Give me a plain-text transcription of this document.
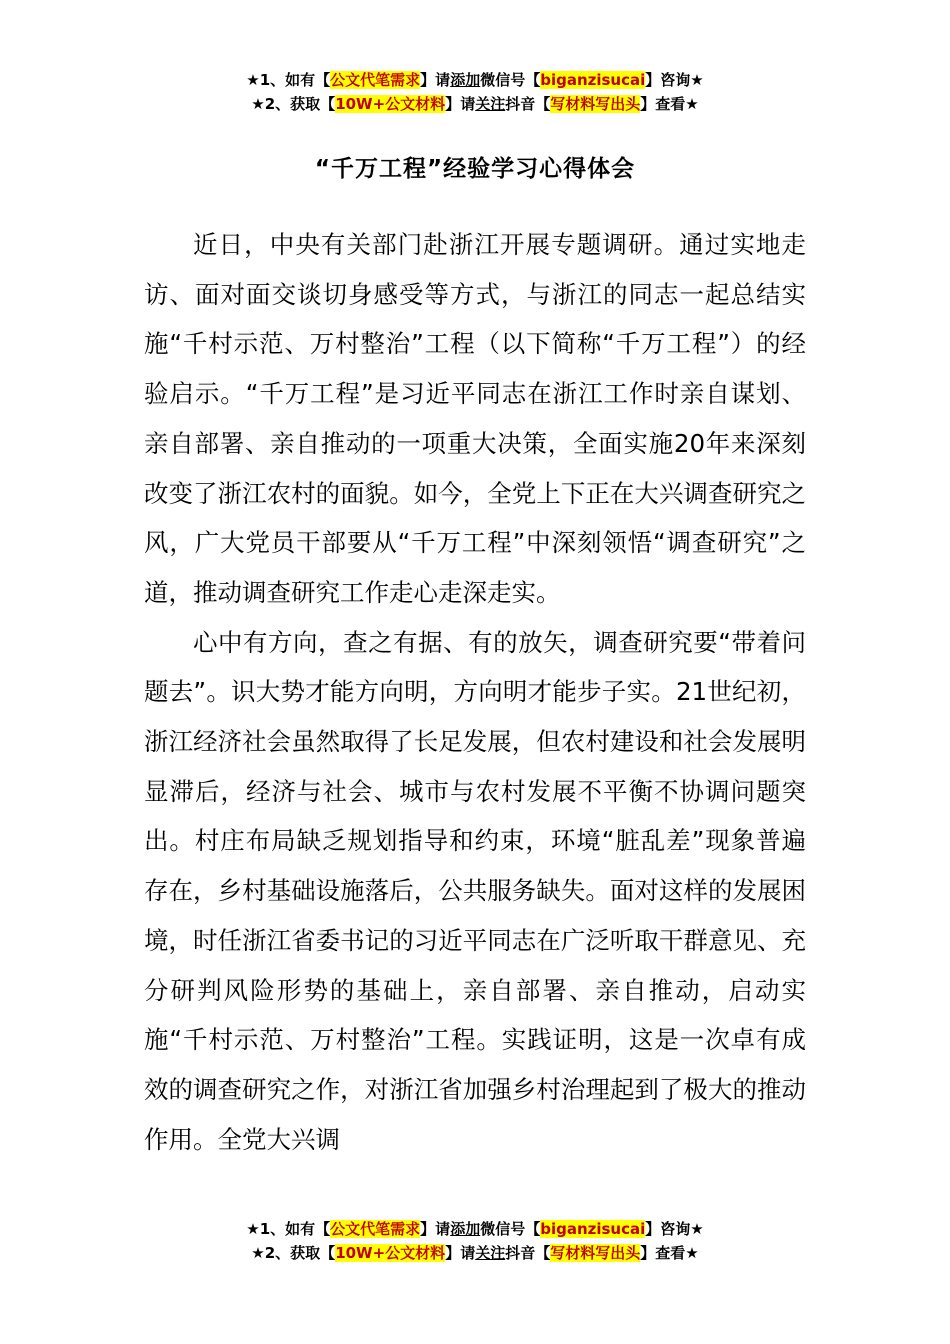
★1、如有【公文代笔需求】请添加微信号【biganzisucai】咨询★
★2、获取【10W+公文材料】请关注抖音【写材料写出头】查看★
“千万工程”经验学习心得体会

近日，中央有关部门赴浙江开展专题调研。通过实地走访、面对面交谈切身感受等方式，与浙江的同志一起总结实施“千村示范、万村整治”工程（以下简称“千万工程”）的经验启示。“千万工程”是习近平同志在浙江工作时亲自谋划、亲自部署、亲自推动的一项重大决策，全面实施20年来深刻改变了浙江农村的面貌。如今，全党上下正在大兴调查研究之风，广大党员干部要从“千万工程”中深刻领悟“调查研究”之道，推动调查研究工作走心走深走实。

心中有方向，查之有据、有的放矢，调查研究要“带着问题去”。识大势才能方向明，方向明才能步子实。21世纪初，浙江经济社会虽然取得了长足发展，但农村建设和社会发展明显滞后，经济与社会、城市与农村发展不平衡不协调问题突出。村庄布局缺乏规划指导和约束，环境“脏乱差”现象普遍存在，乡村基础设施落后，公共服务缺失。面对这样的发展困境，时任浙江省委书记的习近平同志在广泛听取干群意见、充分研判风险形势的基础上，亲自部署、亲自推动，启动实施“千村示范、万村整治”工程。实践证明，这是一次卓有成效的调查研究之作，对浙江省加强乡村治理起到了极大的推动作用。全党大兴调

★1、如有【公文代笔需求】请添加微信号【biganzisucai】咨询★
★2、获取【10W+公文材料】请关注抖音【写材料写出头】查看★
